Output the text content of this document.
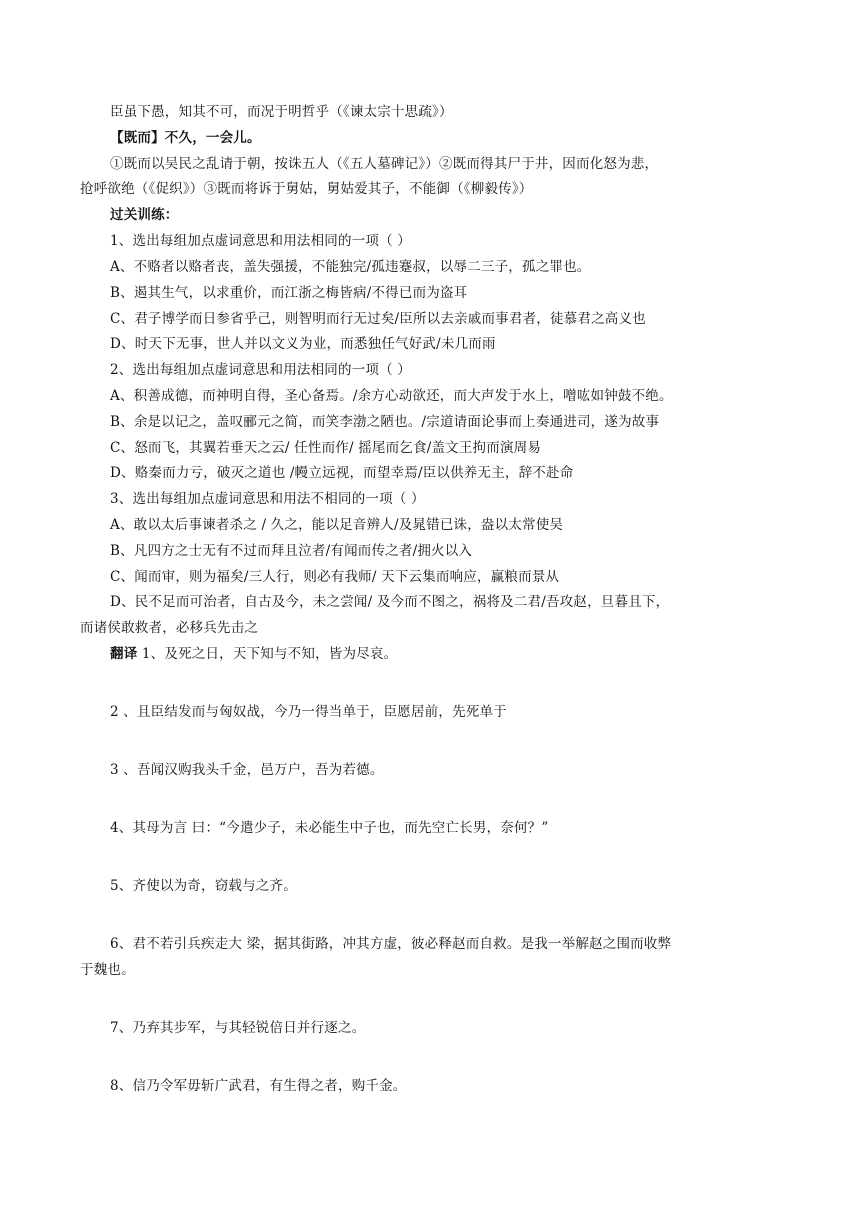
臣虽下愚，知其不可，而况于明哲乎（《谏太宗十思疏》）
【既而】不久，一会儿。
①既而以吴民之乱请于朝，按诛五人（《五人墓碑记》）②既而得其尸于井，因而化怒为悲，
抢呼欲绝（《促织》）③既而将诉于舅姑，舅姑爱其子，不能御（《柳毅传》）
过关训练：
1、选出每组加点虚词意思和用法相同的一项（ ）
A、不赂者以赂者丧，盖失强援，不能独完/孤违蹇叔，以辱二三子，孤之罪也。
B、遏其生气，以求重价，而江浙之梅皆病/不得已而为盗耳
C、君子博学而日参省乎己，则智明而行无过矣/臣所以去亲戚而事君者，徒慕君之高义也
D、时天下无事，世人并以文义为业，而悉独任气好武/未几而雨
2、选出每组加点虚词意思和用法相同的一项（ ）
A、积善成德，而神明自得，圣心备焉。/余方心动欲还，而大声发于水上，噌吰如钟鼓不绝。
B、余是以记之，盖叹郦元之简，而笑李渤之陋也。/宗道请面论事而上奏通进司，遂为故事
C、怒而飞，其翼若垂天之云/ 任性而作/ 摇尾而乞食/盖文王拘而演周易
D、赂秦而力亏，破灭之道也 /幔立远视，而望幸焉/臣以供养无主，辞不赴命
3、选出每组加点虚词意思和用法不相同的一项（ ）
A、敢以太后事谏者杀之 / 久之，能以足音辨人/及晁错已诛，盎以太常使吴
B、凡四方之士无有不过而拜且泣者/有闻而传之者/拥火以入
C、闻而审，则为福矣/三人行，则必有我师/ 天下云集而响应，赢粮而景从
D、民不足而可治者，自古及今，未之尝闻/ 及今而不图之，祸将及二君/吾攻赵，旦暮且下，
而诸侯敢救者，必移兵先击之
翻译 1、及死之日，天下知与不知，皆为尽哀。
2 、且臣结发而与匈奴战，今乃一得当单于，臣愿居前，先死单于
3 、吾闻汉购我头千金，邑万户，吾为若德。
4、其母为言 曰：“今遣少子，未必能生中子也，而先空亡长男，奈何？”
5、齐使以为奇，窃载与之齐。
6、君不若引兵疾走大 梁，据其街路，冲其方虚，彼必释赵而自救。是我一举解赵之围而收弊
于魏也。
7、乃弃其步军，与其轻锐倍日并行逐之。
8、信乃令军毋斩广武君，有生得之者，购千金。
